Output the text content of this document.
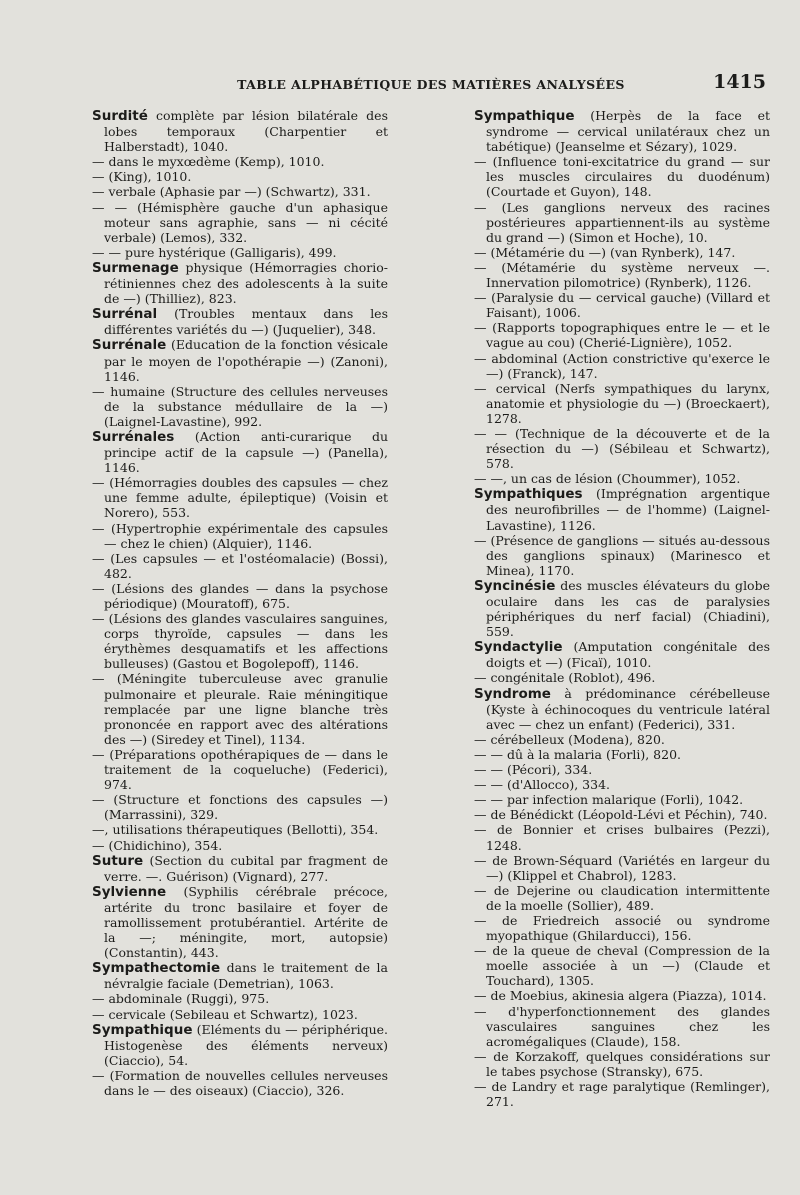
TABLE ALPHABÉTIQUE DES MATIÈRES ANALYSÉES	1415

Surdité complète par lésion bilatérale des lobes temporaux (Charpentier et Halberstadt), 1040.

— dans le myxœdème (Kemp), 1010.

— (King), 1010.

— verbale (Aphasie par —) (Schwartz), 331.

— — (Hémisphère gauche d'un aphasique moteur sans agraphie, sans — ni cécité verbale) (Lemos), 332.

— — pure hystérique (Galligaris), 499.

Surmenage physique (Hémorragies chorio-rétiniennes chez des adolescents à la suite de —) (Thilliez), 823.

Surrénal (Troubles mentaux dans les différentes variétés du —) (Juquelier), 348.

Surrénale (Education de la fonction vésicale par le moyen de l'opothérapie —) (Zanoni), 1146.

— humaine (Structure des cellules nerveuses de la substance médullaire de la —) (Laignel-Lavastine), 992.

Surrénales (Action anti-curarique du principe actif de la capsule —) (Panella), 1146.

— (Hémorragies doubles des capsules — chez une femme adulte, épileptique) (Voisin et Norero), 553.

— (Hypertrophie expérimentale des capsules — chez le chien) (Alquier), 1146.

— (Les capsules — et l'ostéomalacie) (Bossi), 482.

— (Lésions des glandes — dans la psychose périodique) (Mouratoff), 675.

— (Lésions des glandes vasculaires sanguines, corps thyroïde, capsules — dans les érythèmes desquamatifs et les affections bulleuses) (Gastou et Bogolepoff), 1146.

— (Méningite tuberculeuse avec granulie pulmonaire et pleurale. Raie méningitique remplacée par une ligne blanche très prononcée en rapport avec des altérations des —) (Siredey et Tinel), 1134.

— (Préparations opothérapiques de — dans le traitement de la coqueluche) (Federici), 974.

— (Structure et fonctions des capsules —) (Marrassini), 329.

—, utilisations thérapeutiques (Bellotti), 354.

— (Chidichino), 354.

Suture (Section du cubital par fragment de verre. —. Guérison) (Vignard), 277.

Sylvienne (Syphilis cérébrale précoce, artérite du tronc basilaire et foyer de ramollissement protubérantiel. Artérite de la —; méningite, mort, autopsie) (Constantin), 443.

Sympathectomie dans le traitement de la névralgie faciale (Demetrian), 1063.

— abdominale (Ruggi), 975.

— cervicale (Sebileau et Schwartz), 1023.

Sympathique (Eléments du — périphérique. Histogenèse des éléments nerveux) (Ciaccio), 54.

— (Formation de nouvelles cellules nerveuses dans le — des oiseaux) (Ciaccio), 326.

Sympathique (Herpès de la face et syndrome — cervical unilatéraux chez un tabétique) (Jeanselme et Sézary), 1029.

— (Influence toni-excitatrice du grand — sur les muscles circulaires du duodénum) (Courtade et Guyon), 148.

— (Les ganglions nerveux des racines postérieures appartiennent-ils au système du grand —) (Simon et Hoche), 10.

— (Métamérie du —) (van Rynberk), 147.

— (Métamérie du système nerveux —. Innervation pilomotrice) (Rynberk), 1126.

— (Paralysie du — cervical gauche) (Villard et Faisant), 1006.

— (Rapports topographiques entre le — et le vague au cou) (Cherié-Lignière), 1052.

— abdominal (Action constrictive qu'exerce le —) (Franck), 147.

— cervical (Nerfs sympathiques du larynx, anatomie et physiologie du —) (Broeckaert), 1278.

— — (Technique de la découverte et de la résection du —) (Sébileau et Schwartz), 578.

— —, un cas de lésion (Choummer), 1052.

Sympathiques (Imprégnation argentique des neurofibrilles — de l'homme) (Laignel-Lavastine), 1126.

— (Présence de ganglions — situés au-dessous des ganglions spinaux) (Marinesco et Minea), 1170.

Syncinésie des muscles élévateurs du globe oculaire dans les cas de paralysies périphériques du nerf facial) (Chiadini), 559.

Syndactylie (Amputation congénitale des doigts et —) (Ficaï), 1010.

— congénitale (Roblot), 496.

Syndrome à prédominance cérébelleuse (Kyste à échinocoques du ventricule latéral avec — chez un enfant) (Federici), 331.

— cérébelleux (Modena), 820.

— — dû à la malaria (Forli), 820.

— — (Pécori), 334.

— — (d'Allocco), 334.

— — par infection malarique (Forli), 1042.

— de Bénédickt (Léopold-Lévi et Péchin), 740.

— de Bonnier et crises bulbaires (Pezzi), 1248.

— de Brown-Séquard (Variétés en largeur du —) (Klippel et Chabrol), 1283.

— de Dejerine ou claudication intermittente de la moelle (Sollier), 489.

— de Friedreich associé ou syndrome myopathique (Ghilarducci), 156.

— de la queue de cheval (Compression de la moelle associée à un —) (Claude et Touchard), 1305.

— de Moebius, akinesia algera (Piazza), 1014.

— d'hyperfonctionnement des glandes vasculaires sanguines chez les acromégaliques (Claude), 158.

— de Korzakoff, quelques considérations sur le tabes psychose (Stransky), 675.

— de Landry et rage paralytique (Remlinger), 271.
